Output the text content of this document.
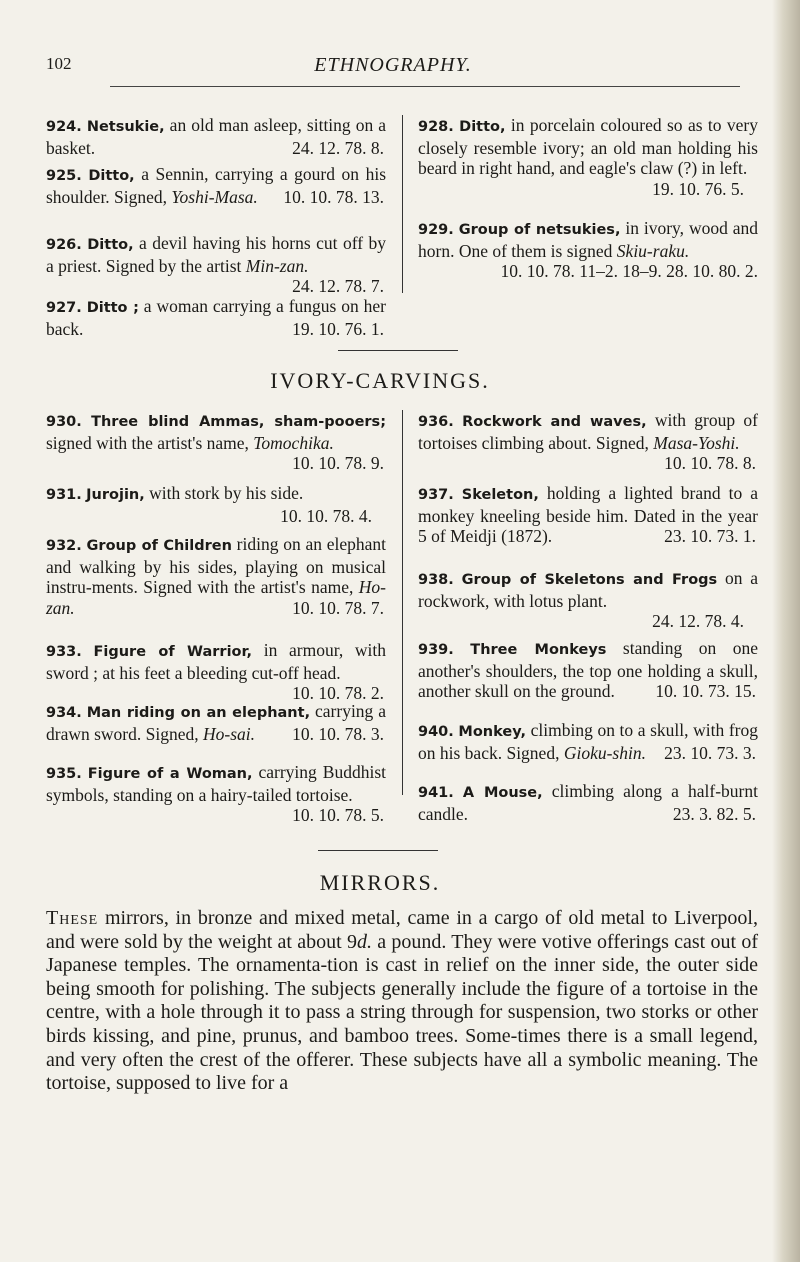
102	ETHNOGRAPHY.
924. Netsukie, an old man asleep, sitting on a basket.	24. 12. 78. 8.
925. Ditto, a Sennin, carrying a gourd on his shoulder. Signed, Yoshi-Masa. 10. 10. 78. 13.
926. Ditto, a devil having his horns cut off by a priest. Signed by the artist Min-zan.
24. 12. 78. 7.
928. Ditto, in porcelain coloured so as to very closely resemble ivory; an old man holding his beard in right hand, and eagle's claw (?) in left.
19. 10. 76. 5.
929. Group of netsukies, in ivory, wood and horn. One of them is signed Skiu-raku.
10. 10. 78. 11–2. 18–9. 28. 10. 80. 2.
927. Ditto ; a woman carrying a fungus on her back.	19. 10. 76. 1.
IVORY-CARVINGS.
930. Three blind Ammas, sham-pooers; signed with the artist's name, Tomochika.
10. 10. 78. 9.
931. Jurojin, with stork by his side.
10. 10. 78. 4.
932. Group of Children riding on an elephant and walking by his sides, playing on musical instru-ments. Signed with the artist's name, Ho-zan.	10. 10. 78. 7.
933. Figure of Warrior, in armour, with sword ; at his feet a bleeding cut-off head.
10. 10. 78. 2.
934. Man riding on an elephant, carrying a drawn sword. Signed, Ho-sai. 10. 10. 78. 3.
935. Figure of a Woman, carrying Buddhist symbols, standing on a hairy-tailed tortoise.
10. 10. 78. 5.
936. Rockwork and waves, with group of tortoises climbing about. Signed, Masa-Yoshi.
10. 10. 78. 8.
937. Skeleton, holding a lighted brand to a monkey kneeling beside him. Dated in the year 5 of Meidji (1872).	23. 10. 73. 1.
938. Group of Skeletons and Frogs on a rockwork, with lotus plant.
24. 12. 78. 4.
939. Three Monkeys standing on one another's shoulders, the top one holding a skull, another skull on the ground. 10. 10. 73. 15.
940. Monkey, climbing on to a skull, with frog on his back. Signed, Gioku-shin. 23. 10. 73. 3.
941. A Mouse, climbing along a half-burnt candle.	23. 3. 82. 5.
MIRRORS.
These mirrors, in bronze and mixed metal, came in a cargo of old metal to Liverpool, and were sold by the weight at about 9d. a pound. They were votive offerings cast out of Japanese temples. The ornamenta-tion is cast in relief on the inner side, the outer side being smooth for polishing. The subjects generally include the figure of a tortoise in the centre, with a hole through it to pass a string through for suspension, two storks or other birds kissing, and pine, prunus, and bamboo trees. Some-times there is a small legend, and very often the crest of the offerer. These subjects have all a symbolic meaning. The tortoise, supposed to live for a
